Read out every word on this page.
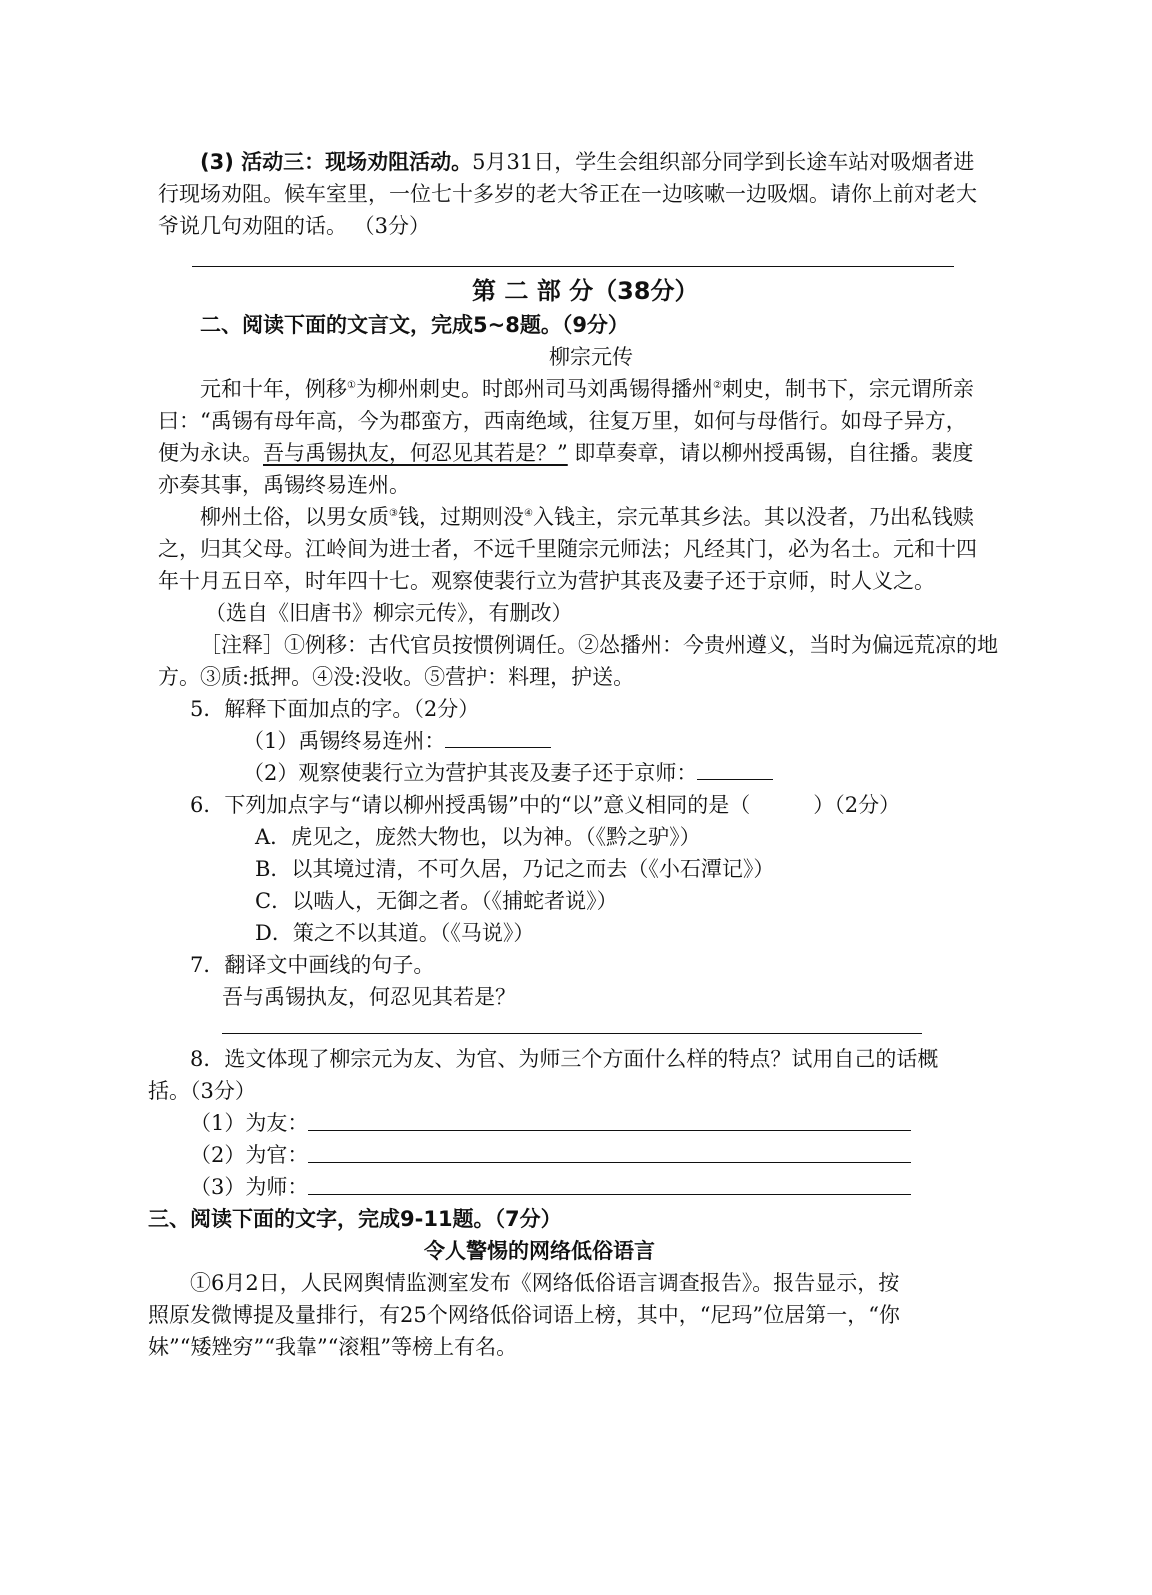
(3) 活动三：现场劝阻活动。5月31日，学生会组织部分同学到长途车站对吸烟者进
行现场劝阻。候车室里，一位七十多岁的老大爷正在一边咳嗽一边吸烟。请你上前对老大
爷说几句劝阻的话。 （3分）
第 二 部 分（38分）
二、阅读下面的文言文，完成5~8题。（9分）
柳宗元传
元和十年，例移①为柳州刺史。时郎州司马刘禹锡得播州②刺史，制书下，宗元谓所亲
曰：“禹锡有母年高，今为郡蛮方，西南绝域，往复万里，如何与母偕行。如母子异方，
便为永诀。吾与禹锡执友，何忍见其若是？” 即草奏章，请以柳州授禹锡，自往播。裴度
亦奏其事，禹锡终易连州。
柳州土俗，以男女质③钱，过期则没④入钱主，宗元革其乡法。其以没者，乃出私钱赎
之，归其父母。江岭间为进士者，不远千里随宗元师法；凡经其门，必为名士。元和十四
年十月五日卒，时年四十七。观察使裴行立为营护其丧及妻子还于京师，时人义之。
（选自《旧唐书》柳宗元传》，有删改）
［注释］①例移：古代官员按惯例调任。②怂播州：今贵州遵义，当时为偏远荒凉的地
方。③质:抵押。④没:没收。⑤营护：料理，护送。
5．解释下面加点的字。（2分）
（1）禹锡终易连州：
（2）观察使裴行立为营护其丧及妻子还于京师：
6．下列加点字与“请以柳州授禹锡”中的“以”意义相同的是（　　　）（2分）
A．虎见之，庞然大物也，以为神。（《黔之驴》）
B．以其境过清，不可久居，乃记之而去（《小石潭记》）
C．以啮人，无御之者。（《捕蛇者说》）
D．策之不以其道。（《马说》）
7．翻译文中画线的句子。
吾与禹锡执友，何忍见其若是？
8．选文体现了柳宗元为友、为官、为师三个方面什么样的特点？试用自己的话概
括。（3分）
（1）为友：
（2）为官：
（3）为师：
三、阅读下面的文字，完成9-11题。（7分）
令人警惕的网络低俗语言
①6月2日，人民网舆情监测室发布《网络低俗语言调查报告》。报告显示，按
照原发微博提及量排行，有25个网络低俗词语上榜，其中，“尼玛”位居第一，“你
妹”“矮矬穷”“我靠”“滚粗”等榜上有名。
